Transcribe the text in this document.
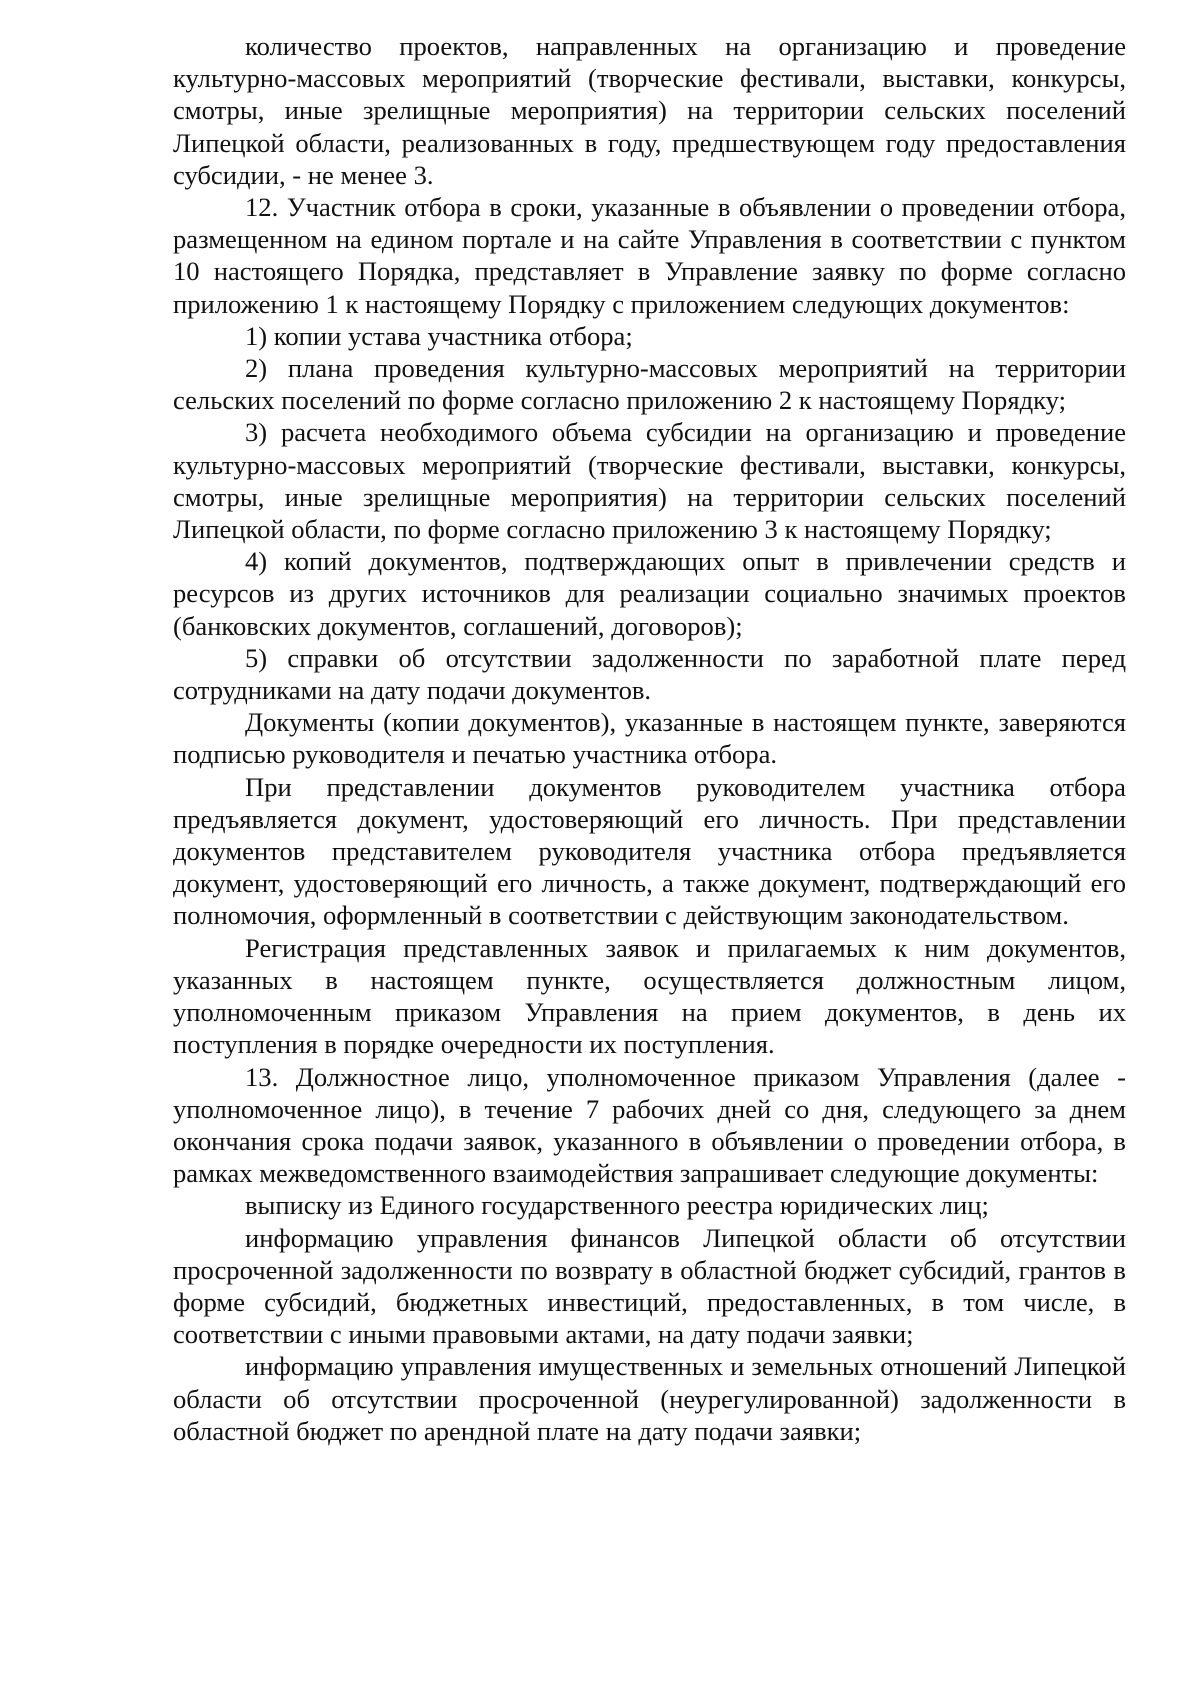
количество проектов, направленных на организацию и проведение культурно-массовых мероприятий (творческие фестивали, выставки, конкурсы, смотры, иные зрелищные мероприятия) на территории сельских поселений Липецкой области, реализованных в году, предшествующем году предоставления субсидии, - не менее 3.

12. Участник отбора в сроки, указанные в объявлении о проведении отбора, размещенном на едином портале и на сайте Управления в соответствии с пунктом 10 настоящего Порядка, представляет в Управление заявку по форме согласно приложению 1 к настоящему Порядку с приложением следующих документов:

1) копии устава участника отбора;

2) плана проведения культурно-массовых мероприятий на территории сельских поселений по форме согласно приложению 2 к настоящему Порядку;

3) расчета необходимого объема субсидии на организацию и проведение культурно-массовых мероприятий (творческие фестивали, выставки, конкурсы, смотры, иные зрелищные мероприятия) на территории сельских поселений Липецкой области, по форме согласно приложению 3 к настоящему Порядку;

4) копий документов, подтверждающих опыт в привлечении средств и ресурсов из других источников для реализации социально значимых проектов (банковских документов, соглашений, договоров);

5) справки об отсутствии задолженности по заработной плате перед сотрудниками на дату подачи документов.

Документы (копии документов), указанные в настоящем пункте, заверяются подписью руководителя и печатью участника отбора.

При представлении документов руководителем участника отбора предъявляется документ, удостоверяющий его личность. При представлении документов представителем руководителя участника отбора предъявляется документ, удостоверяющий его личность, а также документ, подтверждающий его полномочия, оформленный в соответствии с действующим законодательством.

Регистрация представленных заявок и прилагаемых к ним документов, указанных в настоящем пункте, осуществляется должностным лицом, уполномоченным приказом Управления на прием документов, в день их поступления в порядке очередности их поступления.

13. Должностное лицо, уполномоченное приказом Управления (далее - уполномоченное лицо), в течение 7 рабочих дней со дня, следующего за днем окончания срока подачи заявок, указанного в объявлении о проведении отбора, в рамках межведомственного взаимодействия запрашивает следующие документы:

выписку из Единого государственного реестра юридических лиц;

информацию управления финансов Липецкой области об отсутствии просроченной задолженности по возврату в областной бюджет субсидий, грантов в форме субсидий, бюджетных инвестиций, предоставленных, в том числе, в соответствии с иными правовыми актами, на дату подачи заявки;

информацию управления имущественных и земельных отношений Липецкой области об отсутствии просроченной (неурегулированной) задолженности в областной бюджет по арендной плате на дату подачи заявки;
